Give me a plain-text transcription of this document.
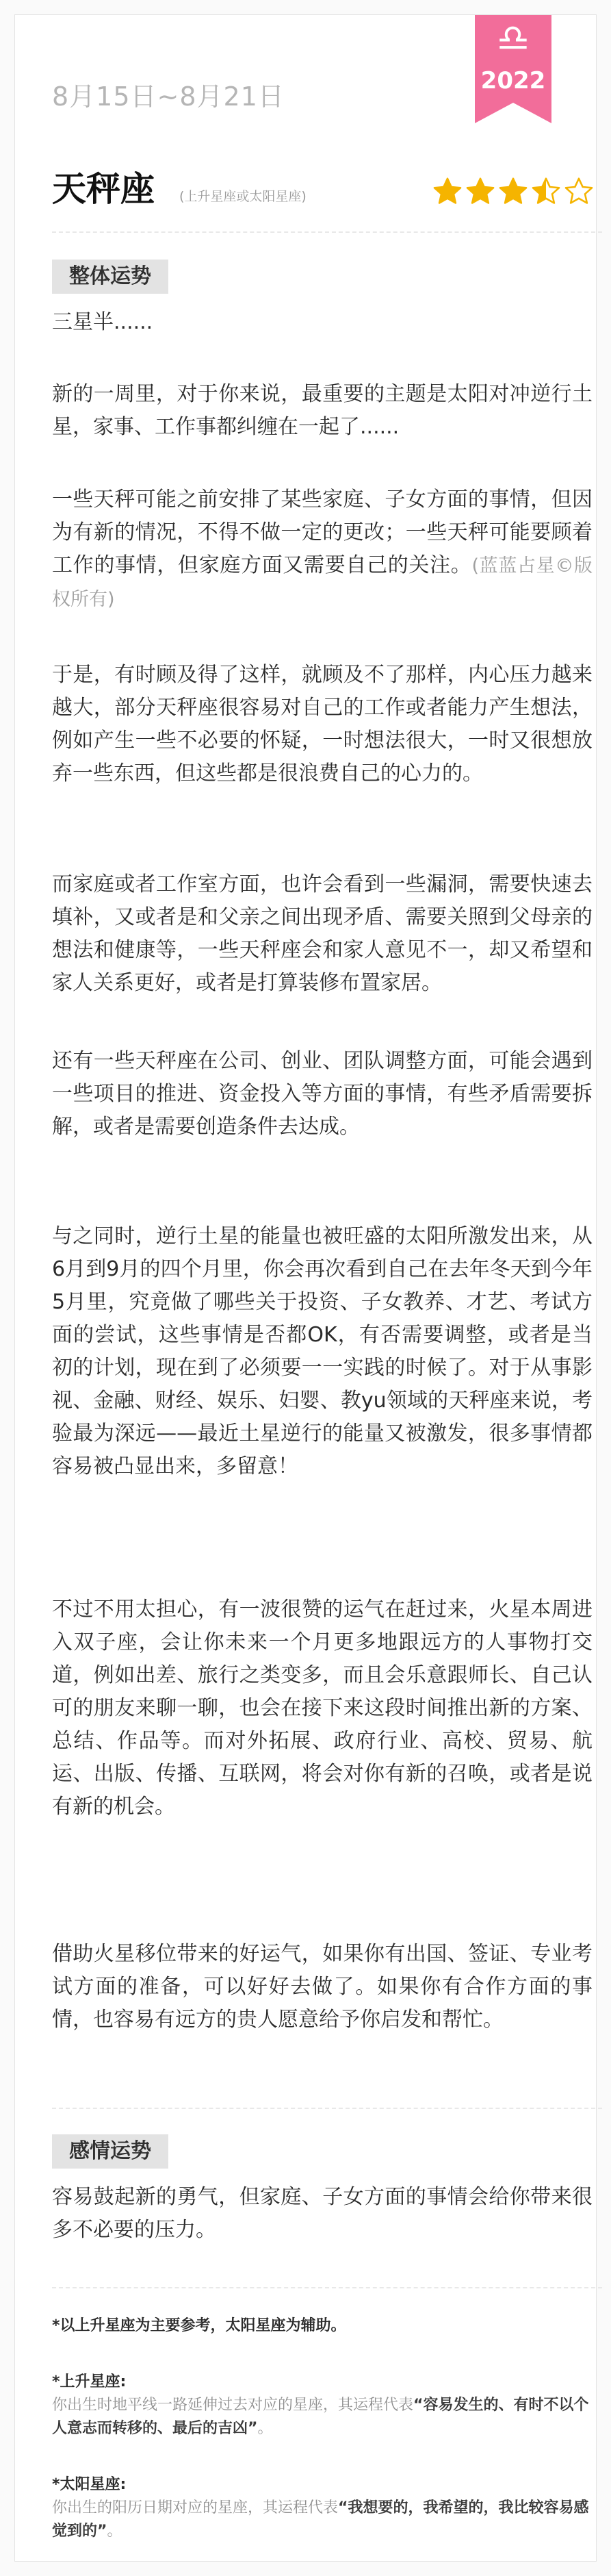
♎
2022
8月15日~8月21日
天秤座 (上升星座或太阳星座)
整体运势
三星半......
新的一周里，对于你来说，最重要的主题是太阳对冲逆行土星，家事、工作事都纠缠在一起了......
一些天秤可能之前安排了某些家庭、子女方面的事情，但因为有新的情况，不得不做一定的更改；一些天秤可能要顾着工作的事情，但家庭方面又需要自己的关注。(蓝蓝占星©版权所有)
于是，有时顾及得了这样，就顾及不了那样，内心压力越来越大，部分天秤座很容易对自己的工作或者能力产生想法，例如产生一些不必要的怀疑，一时想法很大，一时又很想放弃一些东西，但这些都是很浪费自己的心力的。
而家庭或者工作室方面，也许会看到一些漏洞，需要快速去填补，又或者是和父亲之间出现矛盾、需要关照到父母亲的想法和健康等，一些天秤座会和家人意见不一，却又希望和家人关系更好，或者是打算装修布置家居。
还有一些天秤座在公司、创业、团队调整方面，可能会遇到一些项目的推进、资金投入等方面的事情，有些矛盾需要拆解，或者是需要创造条件去达成。
与之同时，逆行土星的能量也被旺盛的太阳所激发出来，从6月到9月的四个月里，你会再次看到自己在去年冬天到今年5月里，究竟做了哪些关于投资、子女教养、才艺、考试方面的尝试，这些事情是否都OK，有否需要调整，或者是当初的计划，现在到了必须要一一实践的时候了。对于从事影视、金融、财经、娱乐、妇婴、教yu领域的天秤座来说，考验最为深远——最近土星逆行的能量又被激发，很多事情都容易被凸显出来，多留意！
不过不用太担心，有一波很赞的运气在赶过来，火星本周进入双子座，会让你未来一个月更多地跟远方的人事物打交道，例如出差、旅行之类变多，而且会乐意跟师长、自己认可的朋友来聊一聊，也会在接下来这段时间推出新的方案、总结、作品等。而对外拓展、政府行业、高校、贸易、航运、出版、传播、互联网，将会对你有新的召唤，或者是说有新的机会。
借助火星移位带来的好运气，如果你有出国、签证、专业考试方面的准备，可以好好去做了。如果你有合作方面的事情，也容易有远方的贵人愿意给予你启发和帮忙。
感情运势
容易鼓起新的勇气，但家庭、子女方面的事情会给你带来很多不必要的压力。
*以上升星座为主要参考，太阳星座为辅助。
*上升星座:
你出生时地平线一路延伸过去对应的星座，其运程代表“容易发生的、有时不以个人意志而转移的、最后的吉凶”。
*太阳星座:
你出生的阳历日期对应的星座，其运程代表“我想要的，我希望的，我比较容易感觉到的”。
